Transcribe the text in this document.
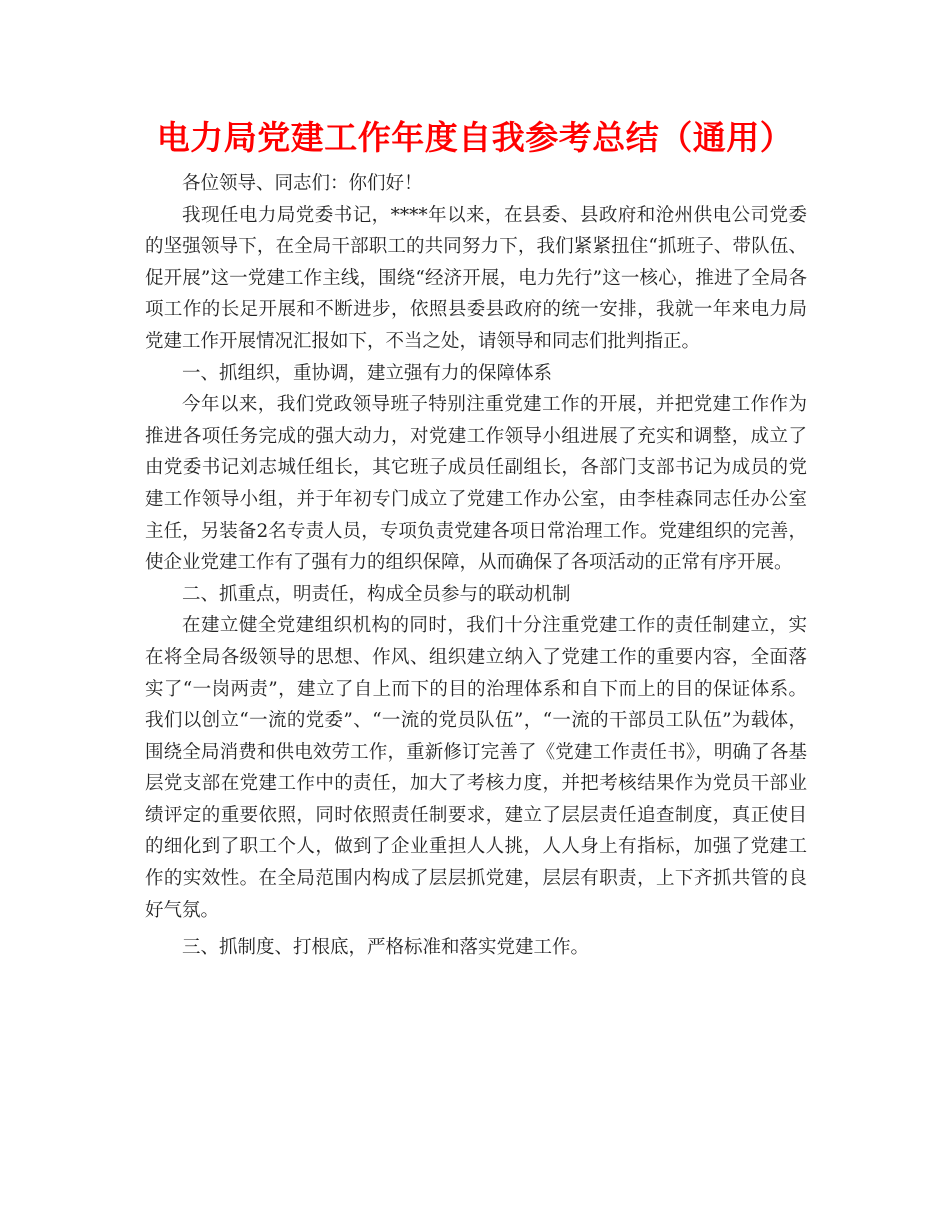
电力局党建工作年度自我参考总结（通用）

各位领导、同志们：你们好！

我现任电力局党委书记，****年以来，在县委、县政府和沧州供电公司党委的坚强领导下，在全局干部职工的共同努力下，我们紧紧扭住“抓班子、带队伍、促开展”这一党建工作主线，围绕“经济开展，电力先行”这一核心，推进了全局各项工作的长足开展和不断进步，依照县委县政府的统一安排，我就一年来电力局党建工作开展情况汇报如下，不当之处，请领导和同志们批判指正。

一、抓组织，重协调，建立强有力的保障体系

今年以来，我们党政领导班子特别注重党建工作的开展，并把党建工作作为推进各项任务完成的强大动力，对党建工作领导小组进展了充实和调整，成立了由党委书记刘志城任组长，其它班子成员任副组长，各部门支部书记为成员的党建工作领导小组，并于年初专门成立了党建工作办公室，由李桂森同志任办公室主任，另装备2名专责人员，专项负责党建各项日常治理工作。党建组织的完善，使企业党建工作有了强有力的组织保障，从而确保了各项活动的正常有序开展。

二、抓重点，明责任，构成全员参与的联动机制

在建立健全党建组织机构的同时，我们十分注重党建工作的责任制建立，实在将全局各级领导的思想、作风、组织建立纳入了党建工作的重要内容，全面落实了“一岗两责”，建立了自上而下的目的治理体系和自下而上的目的保证体系。我们以创立“一流的党委”、“一流的党员队伍”，“一流的干部员工队伍”为载体，围绕全局消费和供电效劳工作，重新修订完善了《党建工作责任书》，明确了各基层党支部在党建工作中的责任，加大了考核力度，并把考核结果作为党员干部业绩评定的重要依照，同时依照责任制要求，建立了层层责任追查制度，真正使目的细化到了职工个人，做到了企业重担人人挑，人人身上有指标，加强了党建工作的实效性。在全局范围内构成了层层抓党建，层层有职责，上下齐抓共管的良好气氛。

三、抓制度、打根底，严格标准和落实党建工作。
